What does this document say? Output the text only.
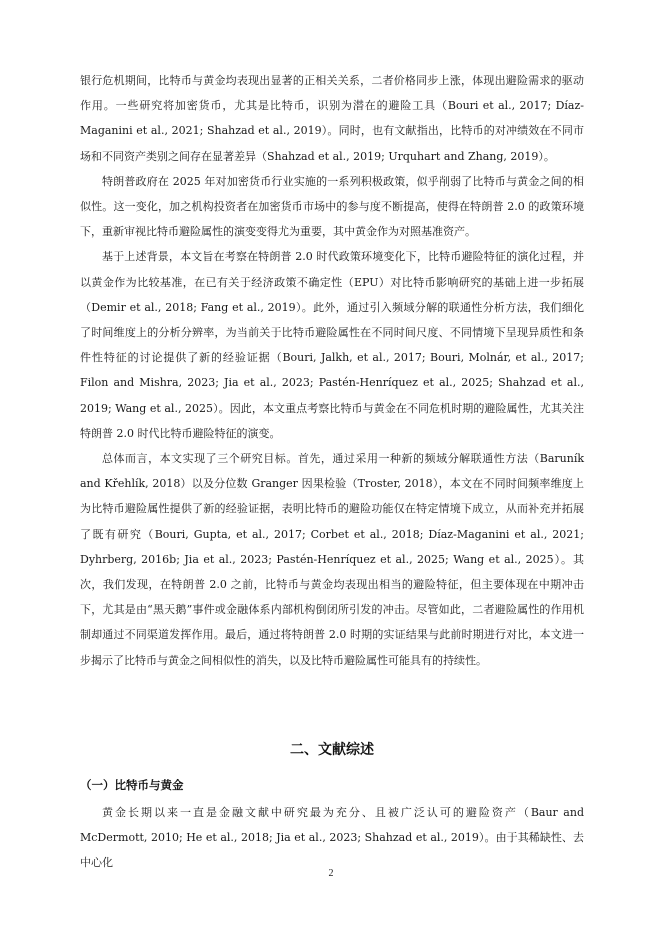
银行危机期间，比特币与黄金均表现出显著的正相关关系，二者价格同步上涨，体现出避险需求的驱动作用。一些研究将加密货币，尤其是比特币，识别为潜在的避险工具（Bouri et al., 2017; Díaz-Maganini et al., 2021; Shahzad et al., 2019）。同时，也有文献指出，比特币的对冲绩效在不同市场和不同资产类别之间存在显著差异（Shahzad et al., 2019; Urquhart and Zhang, 2019）。

特朗普政府在 2025 年对加密货币行业实施的一系列积极政策，似乎削弱了比特币与黄金之间的相似性。这一变化，加之机构投资者在加密货币市场中的参与度不断提高，使得在特朗普 2.0 的政策环境下，重新审视比特币避险属性的演变变得尤为重要，其中黄金作为对照基准资产。

基于上述背景，本文旨在考察在特朗普 2.0 时代政策环境变化下，比特币避险特征的演化过程，并以黄金作为比较基准，在已有关于经济政策不确定性（EPU）对比特币影响研究的基础上进一步拓展（Demir et al., 2018; Fang et al., 2019）。此外，通过引入频域分解的联通性分析方法，我们细化了时间维度上的分析分辨率，为当前关于比特币避险属性在不同时间尺度、不同情境下呈现异质性和条件性特征的讨论提供了新的经验证据（Bouri, Jalkh, et al., 2017; Bouri, Molnár, et al., 2017; Filon and Mishra, 2023; Jia et al., 2023; Pastén-Henríquez et al., 2025; Shahzad et al., 2019; Wang et al., 2025）。因此，本文重点考察比特币与黄金在不同危机时期的避险属性，尤其关注特朗普 2.0 时代比特币避险特征的演变。

总体而言，本文实现了三个研究目标。首先，通过采用一种新的频域分解联通性方法（Baruník and Křehlík, 2018）以及分位数 Granger 因果检验（Troster, 2018），本文在不同时间频率维度上为比特币避险属性提供了新的经验证据，表明比特币的避险功能仅在特定情境下成立，从而补充并拓展了既有研究（Bouri, Gupta, et al., 2017; Corbet et al., 2018; Díaz-Maganini et al., 2021; Dyhrberg, 2016b; Jia et al., 2023; Pastén-Henríquez et al., 2025; Wang et al., 2025）。其次，我们发现，在特朗普 2.0 之前，比特币与黄金均表现出相当的避险特征，但主要体现在中期冲击下，尤其是由“黑天鹅”事件或金融体系内部机构倒闭所引发的冲击。尽管如此，二者避险属性的作用机制却通过不同渠道发挥作用。最后，通过将特朗普 2.0 时期的实证结果与此前时期进行对比，本文进一步揭示了比特币与黄金之间相似性的消失，以及比特币避险属性可能具有的持续性。

二、文献综述
（一）比特币与黄金

黄金长期以来一直是金融文献中研究最为充分、且被广泛认可的避险资产（Baur and McDermott, 2010; He et al., 2018; Jia et al., 2023; Shahzad et al., 2019）。由于其稀缺性、去中心化

2
